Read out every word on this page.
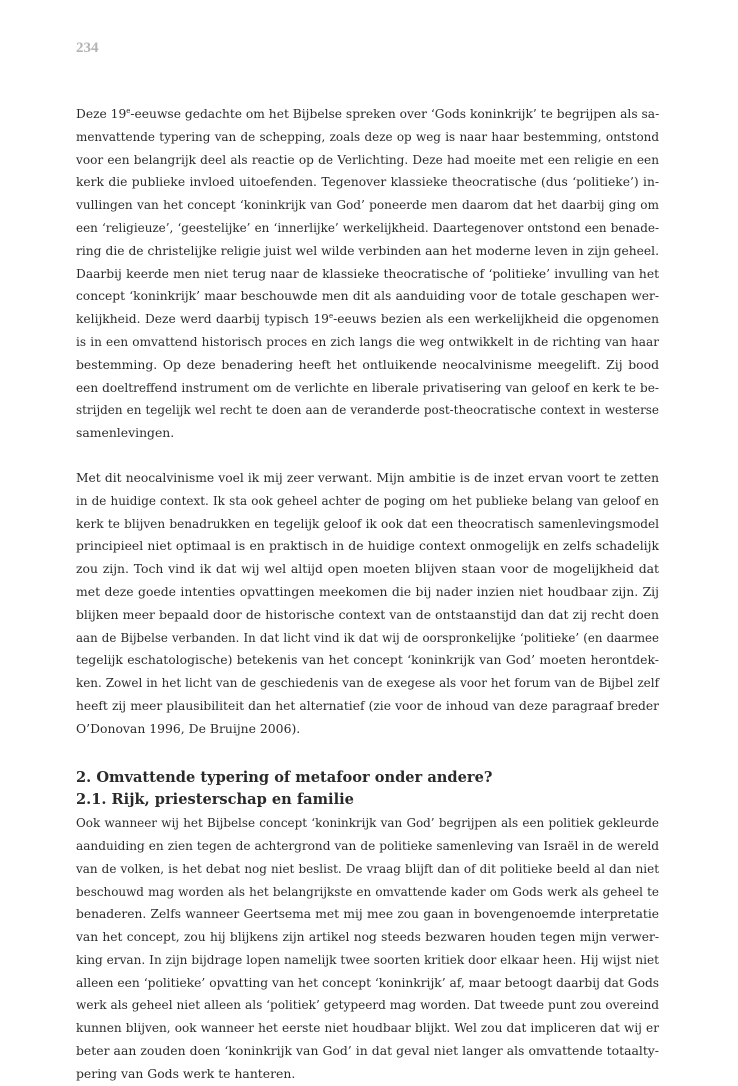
234
Deze 19e-eeuwse gedachte om het Bijbelse spreken over ‘Gods koninkrijk’ te begrijpen als sa-
menvattende typering van de schepping, zoals deze op weg is naar haar bestemming, ontstond
voor een belangrijk deel als reactie op de Verlichting. Deze had moeite met een religie en een
kerk die publieke invloed uitoefenden. Tegenover klassieke theocratische (dus ‘politieke’) in-
vullingen van het concept ‘koninkrijk van God’ poneerde men daarom dat het daarbij ging om
een ‘religieuze’, ‘geestelijke’ en ‘innerlijke’ werkelijkheid. Daartegenover ontstond een benade-
ring die de christelijke religie juist wel wilde verbinden aan het moderne leven in zijn geheel.
Daarbij keerde men niet terug naar de klassieke theocratische of ‘politieke’ invulling van het
concept ‘koninkrijk’ maar beschouwde men dit als aanduiding voor de totale geschapen wer-
kelijkheid. Deze werd daarbij typisch 19e-eeuws bezien als een werkelijkheid die opgenomen
is in een omvattend historisch proces en zich langs die weg ontwikkelt in de richting van haar
bestemming. Op deze benadering heeft het ontluikende neocalvinisme meegelift. Zij bood
een doeltreffend instrument om de verlichte en liberale privatisering van geloof en kerk te be-
strijden en tegelijk wel recht te doen aan de veranderde post-theocratische context in westerse
samenlevingen.
Met dit neocalvinisme voel ik mij zeer verwant. Mijn ambitie is de inzet ervan voort te zetten
in de huidige context. Ik sta ook geheel achter de poging om het publieke belang van geloof en
kerk te blijven benadrukken en tegelijk geloof ik ook dat een theocratisch samenlevingsmodel
principieel niet optimaal is en praktisch in de huidige context onmogelijk en zelfs schadelijk
zou zijn. Toch vind ik dat wij wel altijd open moeten blijven staan voor de mogelijkheid dat
met deze goede intenties opvattingen meekomen die bij nader inzien niet houdbaar zijn. Zij
blijken meer bepaald door de historische context van de ontstaanstijd dan dat zij recht doen
aan de Bijbelse verbanden. In dat licht vind ik dat wij de oorspronkelijke ‘politieke’ (en daarmee
tegelijk eschatologische) betekenis van het concept ‘koninkrijk van God’ moeten herontdek-
ken. Zowel in het licht van de geschiedenis van de exegese als voor het forum van de Bijbel zelf
heeft zij meer plausibiliteit dan het alternatief (zie voor de inhoud van deze paragraaf breder
O’Donovan 1996, De Bruijne 2006).
2. Omvattende typering of metafoor onder andere?
2.1. Rijk, priesterschap en familie
Ook wanneer wij het Bijbelse concept ‘koninkrijk van God’ begrijpen als een politiek gekleurde
aanduiding en zien tegen de achtergrond van de politieke samenleving van Israël in de wereld
van de volken, is het debat nog niet beslist. De vraag blijft dan of dit politieke beeld al dan niet
beschouwd mag worden als het belangrijkste en omvattende kader om Gods werk als geheel te
benaderen. Zelfs wanneer Geertsema met mij mee zou gaan in bovengenoemde interpretatie
van het concept, zou hij blijkens zijn artikel nog steeds bezwaren houden tegen mijn verwer-
king ervan. In zijn bijdrage lopen namelijk twee soorten kritiek door elkaar heen. Hij wijst niet
alleen een ‘politieke’ opvatting van het concept ‘koninkrijk’ af, maar betoogt daarbij dat Gods
werk als geheel niet alleen als ‘politiek’ getypeerd mag worden. Dat tweede punt zou overeind
kunnen blijven, ook wanneer het eerste niet houdbaar blijkt. Wel zou dat impliceren dat wij er
beter aan zouden doen ‘koninkrijk van God’ in dat geval niet langer als omvattende totaalty-
pering van Gods werk te hanteren.
